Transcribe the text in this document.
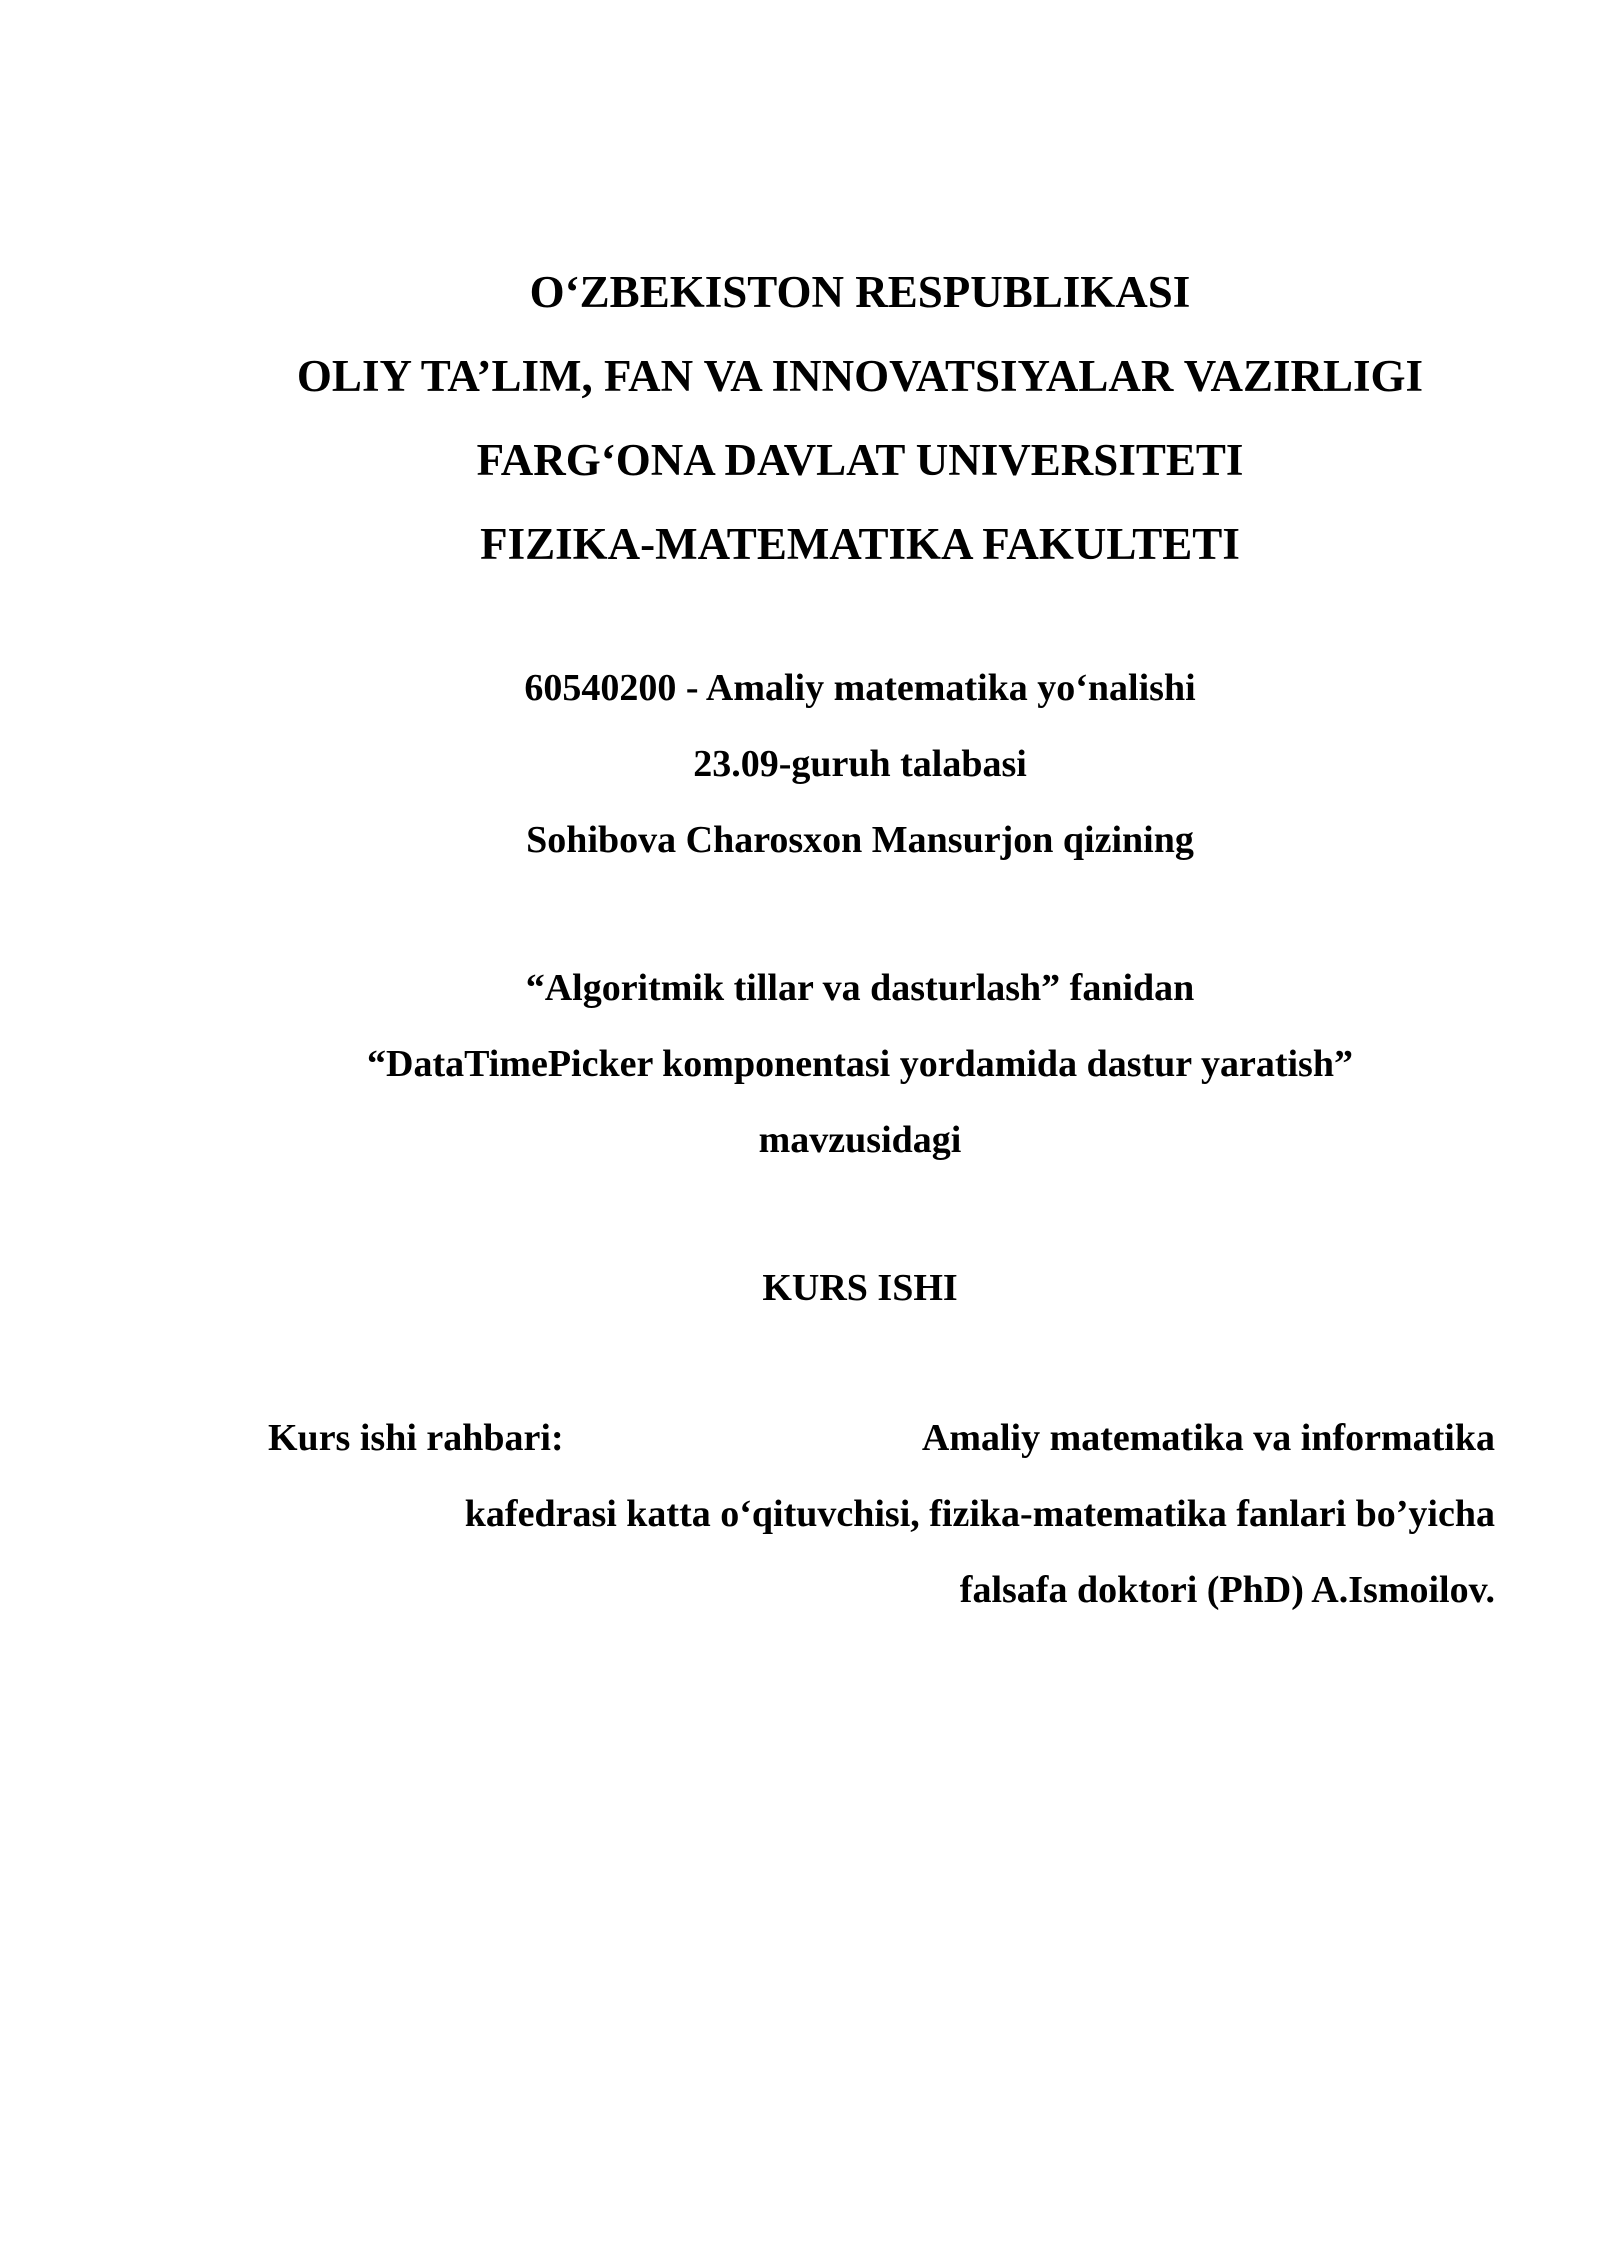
O‘ZBEKISTON RESPUBLIKASI

OLIY TA’LIM, FAN VA INNOVATSIYALAR VAZIRLIGI

FARG‘ONA DAVLAT UNIVERSITETI

FIZIKA-MATEMATIKA FAKULTETI

60540200 - Amaliy matematika yo‘nalishi

23.09-guruh talabasi

Sohibova Charosxon Mansurjon qizining

“Algoritmik tillar va dasturlash” fanidan

“DataTimePicker komponentasi yordamida dastur yaratish”

mavzusidagi

KURS ISHI

Kurs ishi rahbari:	Amaliy matematika va informatika

kafedrasi katta o‘qituvchisi, fizika-matematika fanlari bo’yicha

falsafa doktori (PhD) A.Ismoilov.
